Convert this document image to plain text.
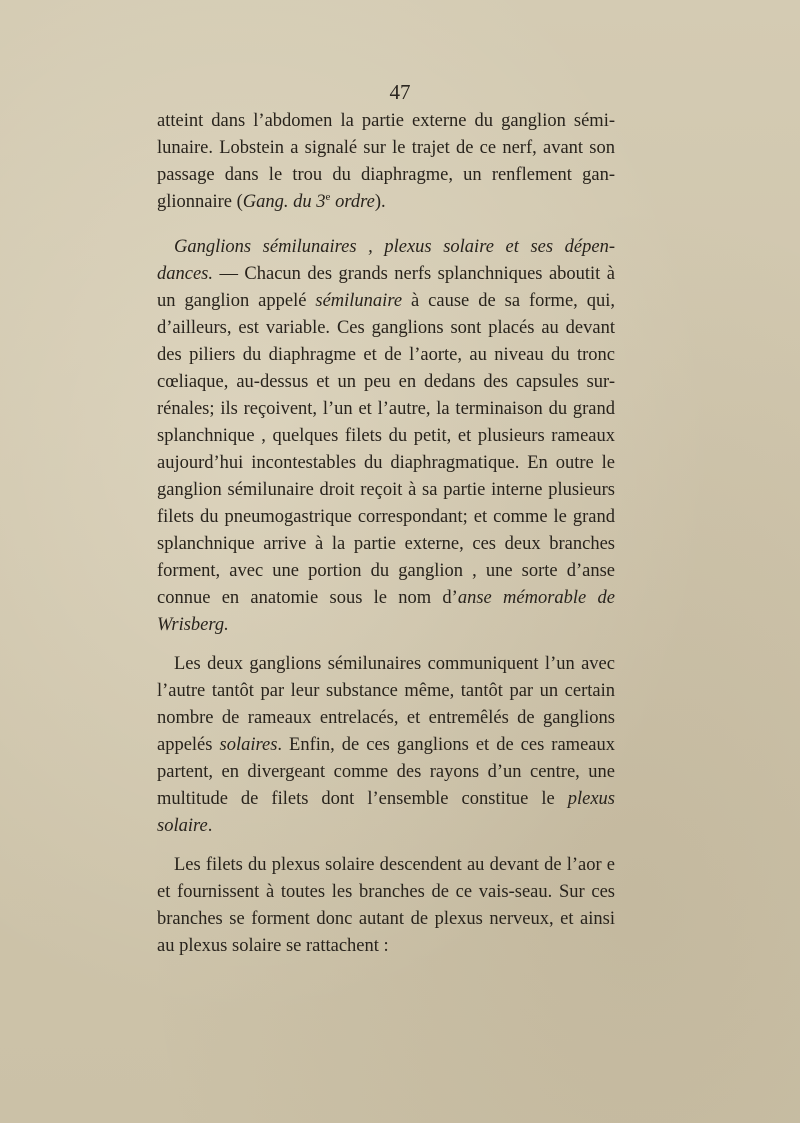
47

atteint dans l’abdomen la partie externe du ganglion sémi-lunaire. Lobstein a signalé sur le trajet de ce nerf, avant son passage dans le trou du diaphragme, un renflement gan-glionnaire (Gang. du 3e ordre).

Ganglions sémilunaires , plexus solaire et ses dépen-dances. — Chacun des grands nerfs splanchniques aboutit à un ganglion appelé sémilunaire à cause de sa forme, qui, d’ailleurs, est variable. Ces ganglions sont placés au devant des piliers du diaphragme et de l’aorte, au niveau du tronc cœliaque, au-dessus et un peu en dedans des capsules sur-rénales; ils reçoivent, l’un et l’autre, la terminaison du grand splanchnique , quelques filets du petit, et plusieurs rameaux aujourd’hui incontestables du diaphragmatique. En outre le ganglion sémilunaire droit reçoit à sa partie interne plusieurs filets du pneumogastrique correspondant; et comme le grand splanchnique arrive à la partie externe, ces deux branches forment, avec une portion du ganglion , une sorte d’anse connue en anatomie sous le nom d’anse mémorable de Wrisberg.

Les deux ganglions sémilunaires communiquent l’un avec l’autre tantôt par leur substance même, tantôt par un certain nombre de rameaux entrelacés, et entremêlés de ganglions appelés solaires. Enfin, de ces ganglions et de ces rameaux partent, en divergeant comme des rayons d’un centre, une multitude de filets dont l’ensemble constitue le plexus solaire.

Les filets du plexus solaire descendent au devant de l’aor e et fournissent à toutes les branches de ce vais-seau. Sur ces branches se forment donc autant de plexus nerveux, et ainsi au plexus solaire se rattachent :
